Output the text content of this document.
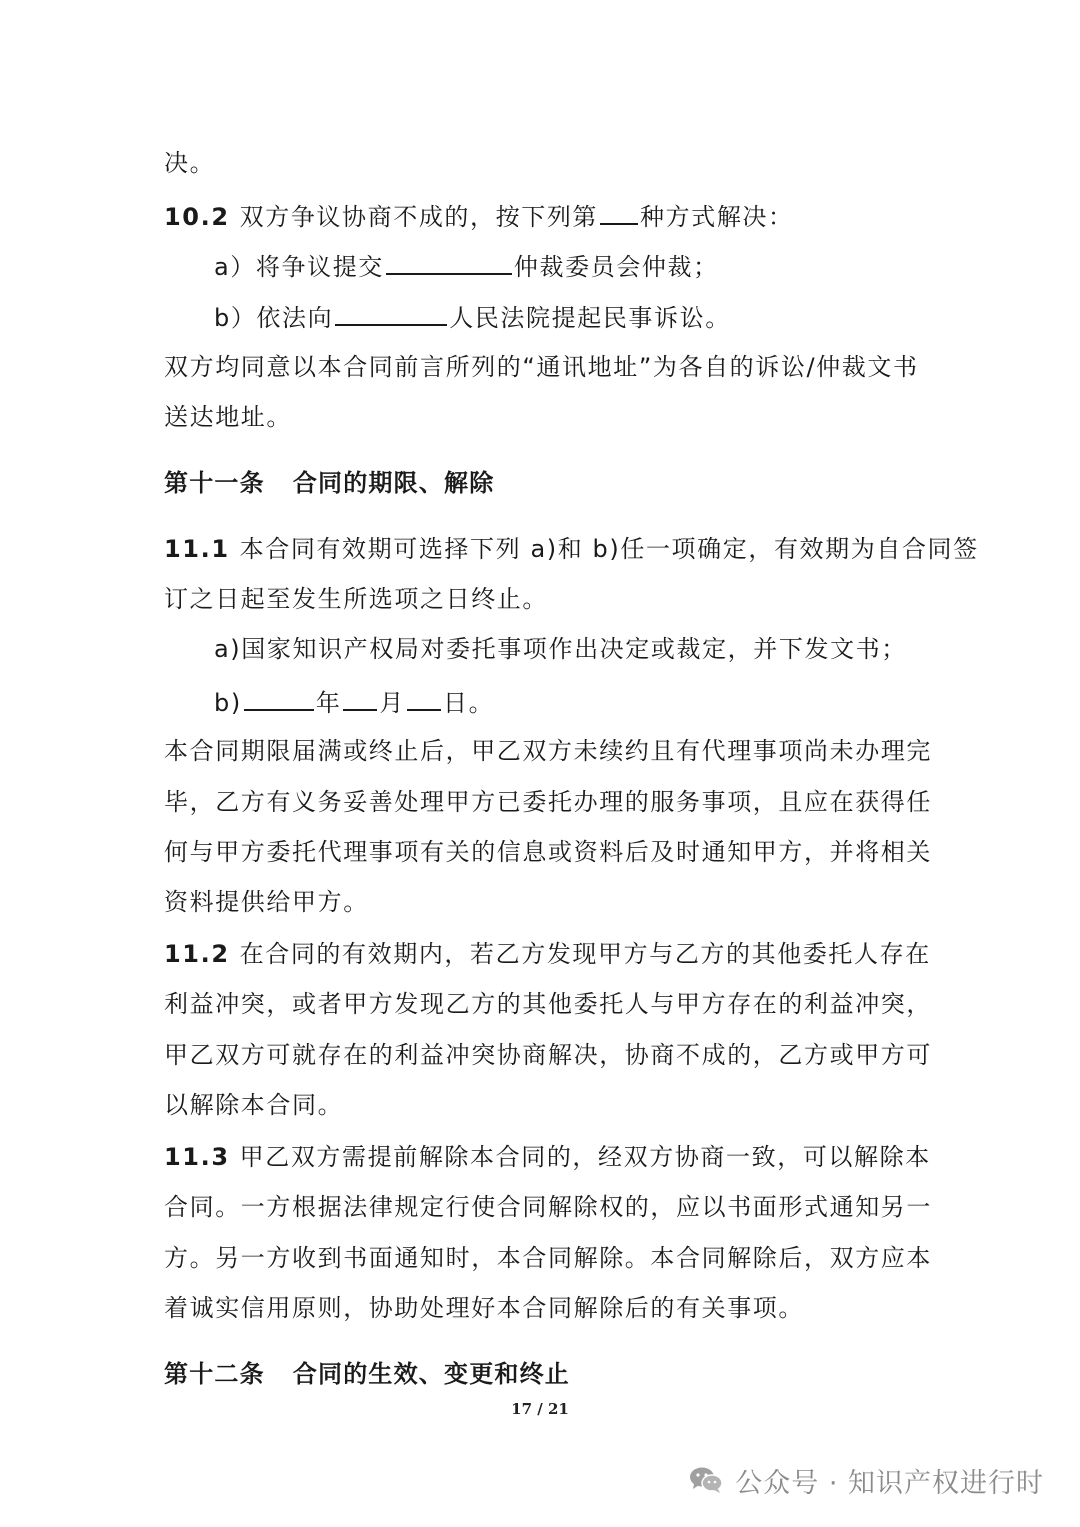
决。
10.2 双方争议协商不成的，按下列第 种方式解决：
a）将争议提交	仲裁委员会仲裁；
b）依法向	人民法院提起民事诉讼。
双方均同意以本合同前言所列的“通讯地址”为各自的诉讼/仲裁文书
送达地址。
第十一条 合同的期限、解除
11.1 本合同有效期可选择下列 a)和 b)任一项确定，有效期为自合同签
订之日起至发生所选项之日终止。
a)国家知识产权局对委托事项作出决定或裁定，并下发文书；
b)	年 月 日。
本合同期限届满或终止后，甲乙双方未续约且有代理事项尚未办理完
毕，乙方有义务妥善处理甲方已委托办理的服务事项，且应在获得任
何与甲方委托代理事项有关的信息或资料后及时通知甲方，并将相关
资料提供给甲方。
11.2 在合同的有效期内，若乙方发现甲方与乙方的其他委托人存在
利益冲突，或者甲方发现乙方的其他委托人与甲方存在的利益冲突，
甲乙双方可就存在的利益冲突协商解决，协商不成的，乙方或甲方可
以解除本合同。
11.3 甲乙双方需提前解除本合同的，经双方协商一致，可以解除本
合同。一方根据法律规定行使合同解除权的，应以书面形式通知另一
方。另一方收到书面通知时，本合同解除。本合同解除后，双方应本
着诚实信用原则，协助处理好本合同解除后的有关事项。
第十二条 合同的生效、变更和终止
17 / 21
公众号 · 知识产权进行时
